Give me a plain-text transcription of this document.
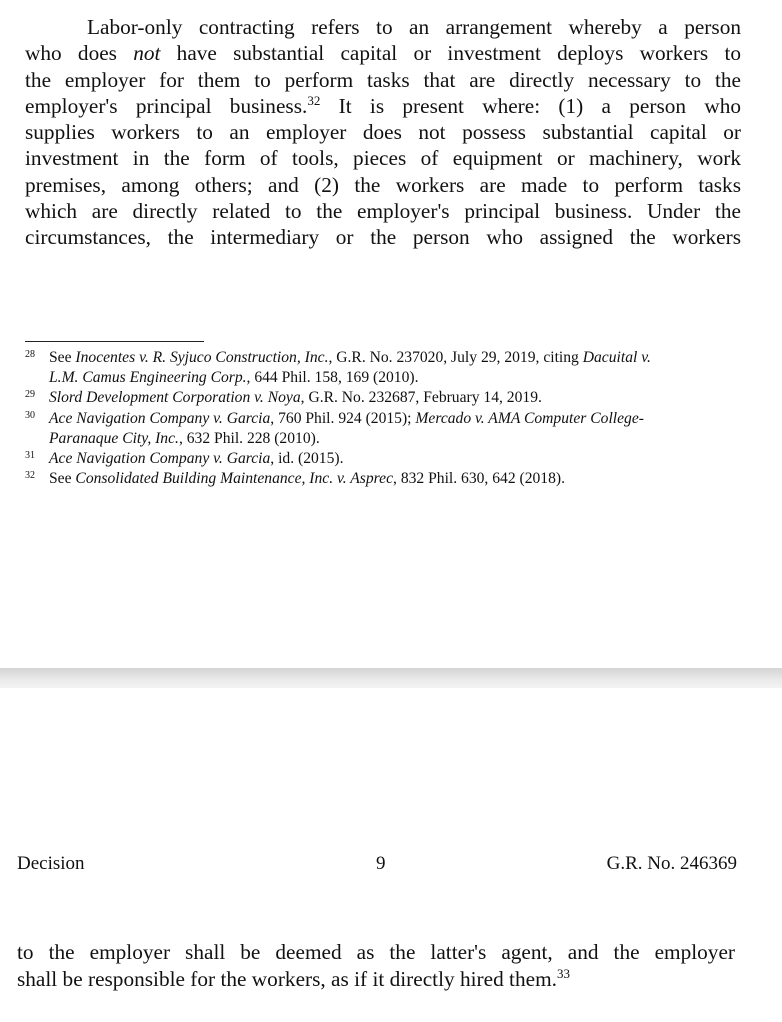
Labor-only contracting refers to an arrangement whereby a person
who does not have substantial capital or investment deploys workers to
the employer for them to perform tasks that are directly necessary to the
employer's principal business.$^{32}$ It is present where: (1) a person who
supplies workers to an employer does not possess substantial capital or
investment in the form of tools, pieces of equipment or machinery, work
premises, among others; and (2) the workers are made to perform tasks
which are directly related to the employer's principal business. Under the
circumstances, the intermediary or the person who assigned the workers

28 See Inocentes v. R. Syjuco Construction, Inc., G.R. No. 237020, July 29, 2019, citing Dacuital v.
L.M. Camus Engineering Corp., 644 Phil. 158, 169 (2010).

29 Slord Development Corporation v. Noya, G.R. No. 232687, February 14, 2019.

30 Ace Navigation Company v. Garcia, 760 Phil. 924 (2015); Mercado v. AMA Computer College-
Paranaque City, Inc., 632 Phil. 228 (2010).

31 Ace Navigation Company v. Garcia, id. (2015).

32 See Consolidated Building Maintenance, Inc. v. Asprec, 832 Phil. 630, 642 (2018).

Decision	9	G.R. No. 246369
to the employer shall be deemed as the latter's agent, and the employer
shall be responsible for the workers, as if it directly hired them.$^{33}$
